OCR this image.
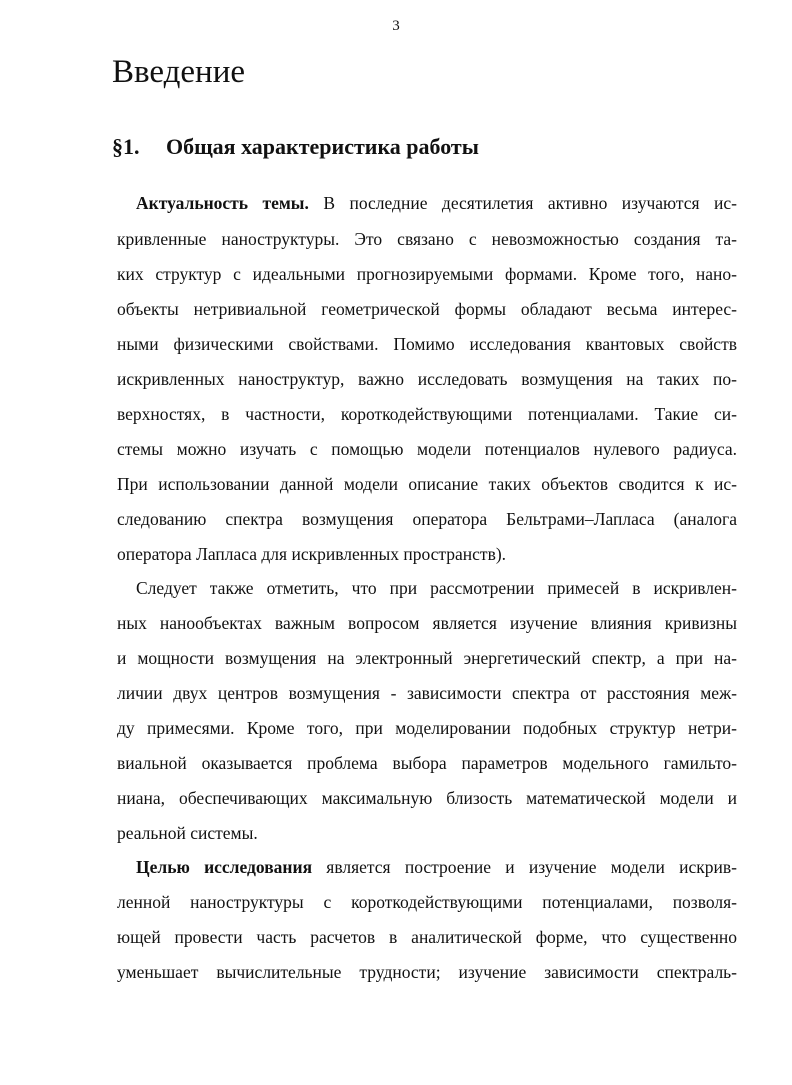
3
Введение
§1. Общая характеристика работы
Актуальность темы. В последние десятилетия активно изучаются ис-
кривленные наноструктуры. Это связано с невозможностью создания та-
ких структур с идеальными прогнозируемыми формами. Кроме того, нано-
объекты нетривиальной геометрической формы обладают весьма интерес-
ными физическими свойствами. Помимо исследования квантовых свойств
искривленных наноструктур, важно исследовать возмущения на таких по-
верхностях, в частности, короткодействующими потенциалами. Такие си-
стемы можно изучать с помощью модели потенциалов нулевого радиуса.
При использовании данной модели описание таких объектов сводится к ис-
следованию спектра возмущения оператора Бельтрами–Лапласа (аналога
оператора Лапласа для искривленных пространств).
Следует также отметить, что при рассмотрении примесей в искривлен-
ных нанообъектах важным вопросом является изучение влияния кривизны
и мощности возмущения на электронный энергетический спектр, а при на-
личии двух центров возмущения - зависимости спектра от расстояния меж-
ду примесями. Кроме того, при моделировании подобных структур нетри-
виальной оказывается проблема выбора параметров модельного гамильто-
ниана, обеспечивающих максимальную близость математической модели и
реальной системы.
Целью исследования является построение и изучение модели искрив-
ленной наноструктуры с короткодействующими потенциалами, позволя-
ющей провести часть расчетов в аналитической форме, что существенно
уменьшает вычислительные трудности; изучение зависимости спектраль-
